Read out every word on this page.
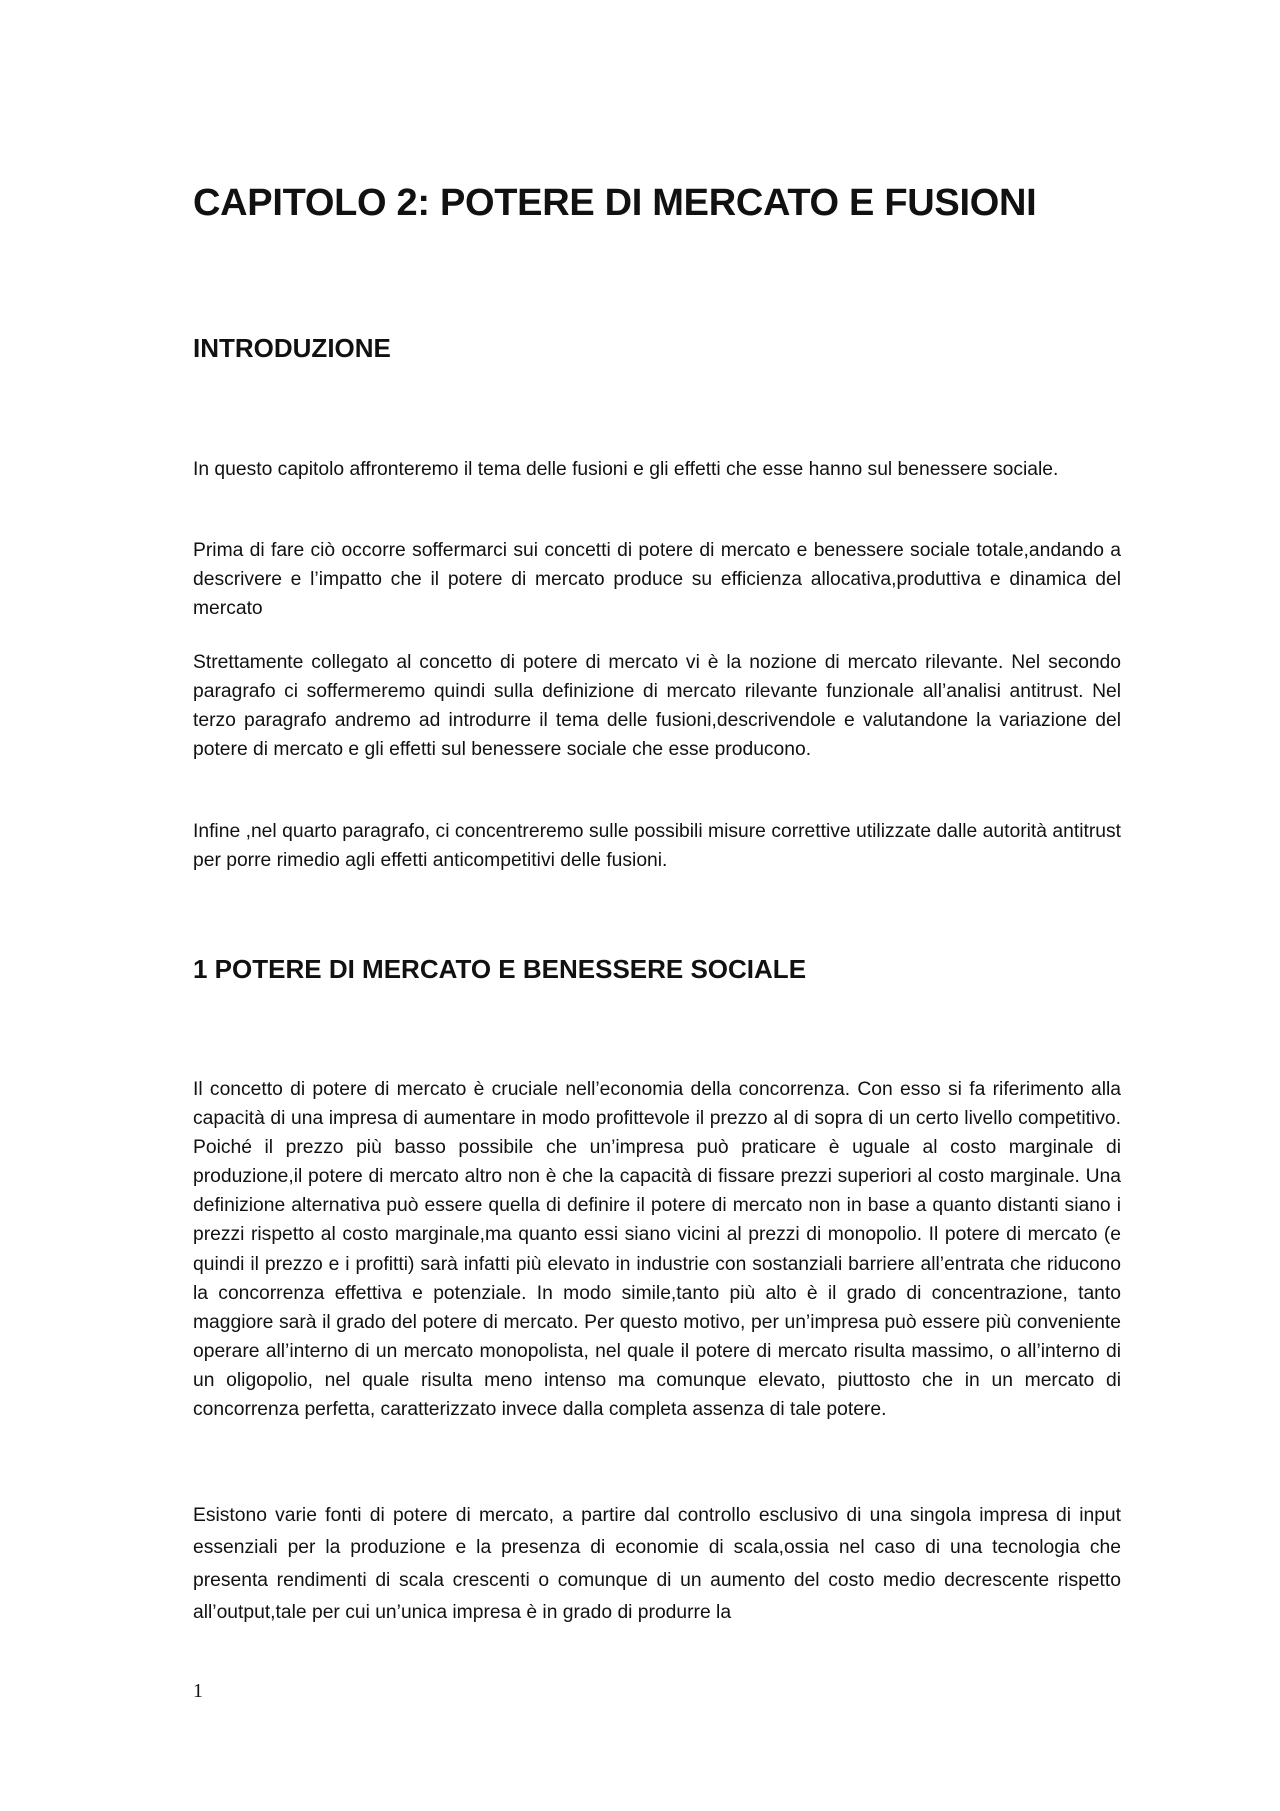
CAPITOLO 2: POTERE DI MERCATO E FUSIONI
INTRODUZIONE

In questo capitolo affronteremo il tema delle fusioni e gli effetti che esse hanno sul benessere sociale.

Prima di fare ciò occorre soffermarci sui concetti di potere di mercato e benessere sociale totale,andando a descrivere e l’impatto che il potere di mercato produce su efficienza allocativa,produttiva e dinamica del mercato

Strettamente collegato al concetto di potere di mercato vi è la nozione di mercato rilevante. Nel secondo paragrafo ci soffermeremo quindi sulla definizione di mercato rilevante funzionale all’analisi antitrust. Nel terzo paragrafo andremo ad introdurre il tema delle fusioni,descrivendole e valutandone la variazione del potere di mercato e gli effetti sul benessere sociale che esse producono.

Infine ,nel quarto paragrafo, ci concentreremo sulle possibili misure correttive utilizzate dalle autorità antitrust per porre rimedio agli effetti anticompetitivi delle fusioni.

1 POTERE DI MERCATO E BENESSERE SOCIALE

Il concetto di potere di mercato è cruciale nell’economia della concorrenza. Con esso si fa riferimento alla capacità di una impresa di aumentare in modo profittevole il prezzo al di sopra di un certo livello competitivo. Poiché il prezzo più basso possibile che un’impresa può praticare è uguale al costo marginale di produzione,il potere di mercato altro non è che la capacità di fissare prezzi superiori al costo marginale. Una definizione alternativa può essere quella di definire il potere di mercato non in base a quanto distanti siano i prezzi rispetto al costo marginale,ma quanto essi siano vicini al prezzi di monopolio. Il potere di mercato (e quindi il prezzo e i profitti) sarà infatti più elevato in industrie con sostanziali barriere all’entrata che riducono la concorrenza effettiva e potenziale. In modo simile,tanto più alto è il grado di concentrazione, tanto maggiore sarà il grado del potere di mercato. Per questo motivo, per un’impresa può essere più conveniente operare all’interno di un mercato monopolista, nel quale il potere di mercato risulta massimo, o all’interno di un oligopolio, nel quale risulta meno intenso ma comunque elevato, piuttosto che in un mercato di concorrenza perfetta, caratterizzato invece dalla completa assenza di tale potere.

Esistono varie fonti di potere di mercato, a partire dal controllo esclusivo di una singola impresa di input essenziali per la produzione e la presenza di economie di scala,ossia nel caso di una tecnologia che presenta rendimenti di scala crescenti o comunque di un aumento del costo medio decrescente rispetto all’output,tale per cui un’unica impresa è in grado di produrre la

1
